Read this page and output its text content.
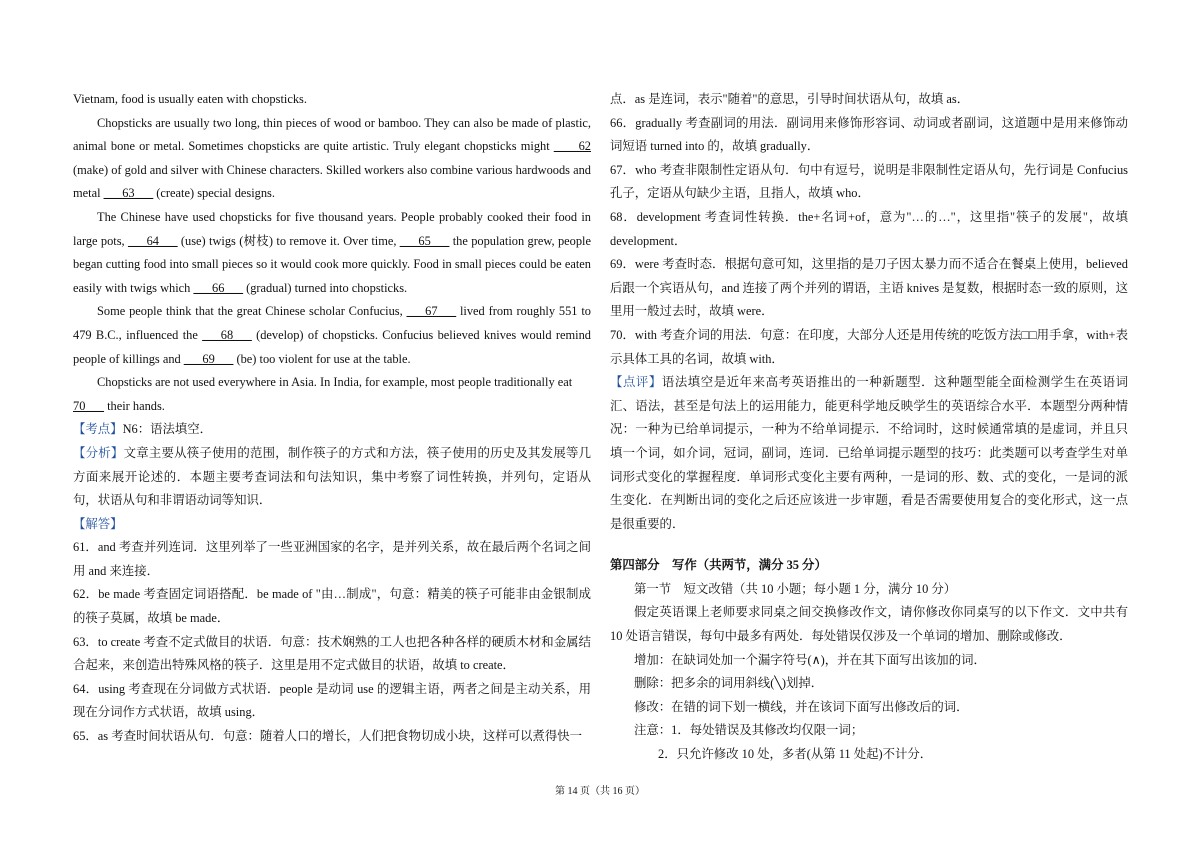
Vietnam, food is usually eaten with chopsticks.

Chopsticks are usually two long, thin pieces of wood or bamboo. They can also be made of plastic, animal bone or metal. Sometimes chopsticks are quite artistic. Truly elegant chopsticks might ____62 (make) of gold and silver with Chinese characters. Skilled workers also combine various hardwoods and metal ___63___ (create) special designs.

The Chinese have used chopsticks for five thousand years. People probably cooked their food in large pots, ___64___ (use) twigs (树枝) to remove it. Over time, ___65___ the population grew, people began cutting food into small pieces so it would cook more quickly. Food in small pieces could be eaten easily with twigs which ___66___ (gradual) turned into chopsticks.

Some people think that the great Chinese scholar Confucius, ___67___ lived from roughly 551 to 479 B.C., influenced the ___68___ (develop) of chopsticks. Confucius believed knives would remind people of killings and ___69___ (be) too violent for use at the table.

Chopsticks are not used everywhere in Asia. In India, for example, most people traditionally eat
70___ their hands.

【考点】N6：语法填空．

【分析】文章主要从筷子使用的范围，制作筷子的方式和方法，筷子使用的历史及其发展等几方面来展开论述的．本题主要考查词法和句法知识，集中考察了词性转换，并列句，定语从句，状语从句和非谓语动词等知识．

【解答】

61．and 考查并列连词．这里列举了一些亚洲国家的名字，是并列关系，故在最后两个名词之间用 and 来连接．

62．be made 考查固定词语搭配．be made of "由…制成"，句意：精美的筷子可能非由金银制成的筷子莫属，故填 be made．

63．to create 考查不定式做目的状语．句意：技术娴熟的工人也把各种各样的硬质木材和金属结合起来，来创造出特殊风格的筷子．这里是用不定式做目的状语，故填 to create．

64．using 考查现在分词做方式状语．people 是动词 use 的逻辑主语，两者之间是主动关系，用现在分词作方式状语，故填 using．

65．as 考查时间状语从句．句意：随着人口的增长，人们把食物切成小块，这样可以煮得快一

点．as 是连词，表示"随着"的意思，引导时间状语从句，故填 as．

66．gradually 考查副词的用法．副词用来修饰形容词、动词或者副词，这道题中是用来修饰动词短语 turned into 的，故填 gradually．

67．who 考查非限制性定语从句．句中有逗号，说明是非限制性定语从句，先行词是 Confucius 孔子，定语从句缺少主语，且指人，故填 who．

68．development 考查词性转换．the+名词+of，意为"…的…"，这里指"筷子的发展"，故填 development．

69．were 考查时态．根据句意可知，这里指的是刀子因太暴力而不适合在餐桌上使用，believed 后跟一个宾语从句，and 连接了两个并列的谓语，主语 knives 是复数，根据时态一致的原则，这里用一般过去时，故填 were．

70．with 考查介词的用法．句意：在印度，大部分人还是用传统的吃饭方法□□用手拿，with+表示具体工具的名词，故填 with．

【点评】语法填空是近年来高考英语推出的一种新题型．这种题型能全面检测学生在英语词汇、语法，甚至是句法上的运用能力，能更科学地反映学生的英语综合水平．本题型分两种情况：一种为已给单词提示，一种为不给单词提示．不给词时，这时候通常填的是虚词，并且只填一个词，如介词，冠词，副词，连词．已给单词提示题型的技巧：此类题可以考查学生对单词形式变化的掌握程度．单词形式变化主要有两种，一是词的形、数、式的变化，一是词的派生变化．在判断出词的变化之后还应该进一步审题，看是否需要使用复合的变化形式，这一点是很重要的．

第四部分　写作（共两节，满分 35 分）

第一节　短文改错（共 10 小题；每小题 1 分，满分 10 分）

假定英语课上老师要求同桌之间交换修改作文，请你修改你同桌写的以下作文．文中共有 10 处语言错误，每句中最多有两处．每处错误仅涉及一个单词的增加、删除或修改．

增加：在缺词处加一个漏字符号(∧)，并在其下面写出该加的词．

删除：把多余的词用斜线(╲)划掉．

修改：在错的词下划一横线，并在该词下面写出修改后的词．

注意：1．每处错误及其修改均仅限一词；

2．只允许修改 10 处，多者(从第 11 处起)不计分．

第 14 页（共 16 页）
